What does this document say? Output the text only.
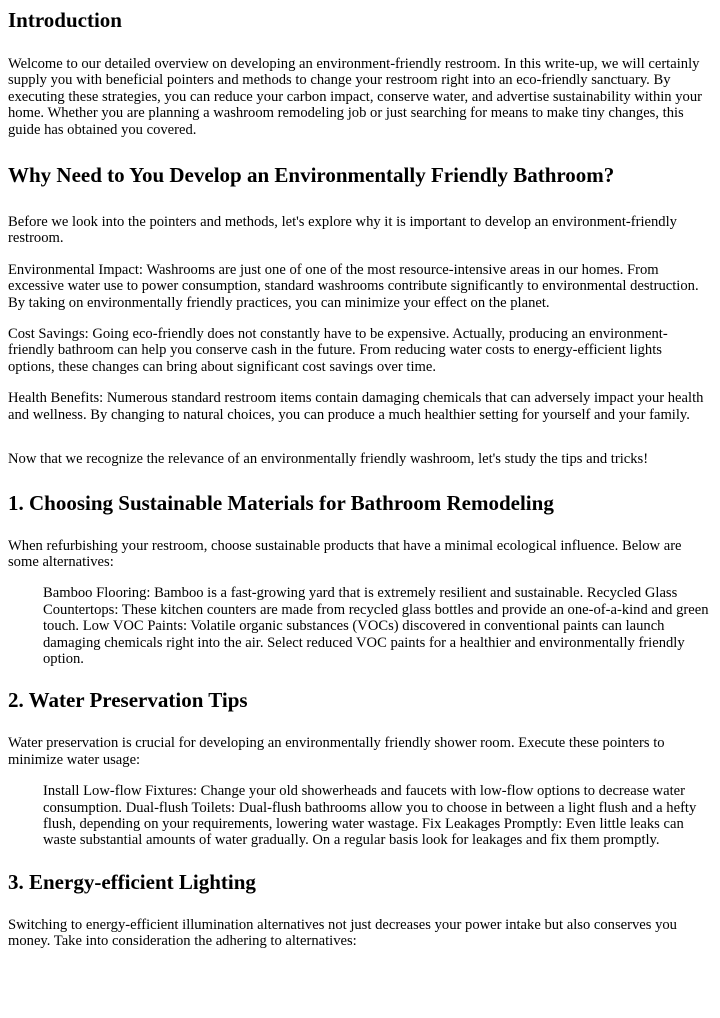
Introduction

Welcome to our detailed overview on developing an environment-friendly restroom. In this write-up, we will certainly supply you with beneficial pointers and methods to change your restroom right into an eco-friendly sanctuary. By executing these strategies, you can reduce your carbon impact, conserve water, and advertise sustainability within your home. Whether you are planning a washroom remodeling job or just searching for means to make tiny changes, this guide has obtained you covered.

Why Need to You Develop an Environmentally Friendly Bathroom?

Before we look into the pointers and methods, let's explore why it is important to develop an environment-friendly restroom.

Environmental Impact: Washrooms are just one of one of the most resource-intensive areas in our homes. From excessive water use to power consumption, standard washrooms contribute significantly to environmental destruction. By taking on environmentally friendly practices, you can minimize your effect on the planet.

Cost Savings: Going eco-friendly does not constantly have to be expensive. Actually, producing an environment-friendly bathroom can help you conserve cash in the future. From reducing water costs to energy-efficient lights options, these changes can bring about significant cost savings over time.

Health Benefits: Numerous standard restroom items contain damaging chemicals that can adversely impact your health and wellness. By changing to natural choices, you can produce a much healthier setting for yourself and your family.

Now that we recognize the relevance of an environmentally friendly washroom, let's study the tips and tricks!

1. Choosing Sustainable Materials for Bathroom Remodeling

When refurbishing your restroom, choose sustainable products that have a minimal ecological influence. Below are some alternatives:

Bamboo Flooring: Bamboo is a fast-growing yard that is extremely resilient and sustainable. Recycled Glass Countertops: These kitchen counters are made from recycled glass bottles and provide an one-of-a-kind and green touch. Low VOC Paints: Volatile organic substances (VOCs) discovered in conventional paints can launch damaging chemicals right into the air. Select reduced VOC paints for a healthier and environmentally friendly option.

2. Water Preservation Tips

Water preservation is crucial for developing an environmentally friendly shower room. Execute these pointers to minimize water usage:

Install Low-flow Fixtures: Change your old showerheads and faucets with low-flow options to decrease water consumption. Dual-flush Toilets: Dual-flush bathrooms allow you to choose in between a light flush and a hefty flush, depending on your requirements, lowering water wastage. Fix Leakages Promptly: Even little leaks can waste substantial amounts of water gradually. On a regular basis look for leakages and fix them promptly.

3. Energy-efficient Lighting

Switching to energy-efficient illumination alternatives not just decreases your power intake but also conserves you money. Take into consideration the adhering to alternatives:
